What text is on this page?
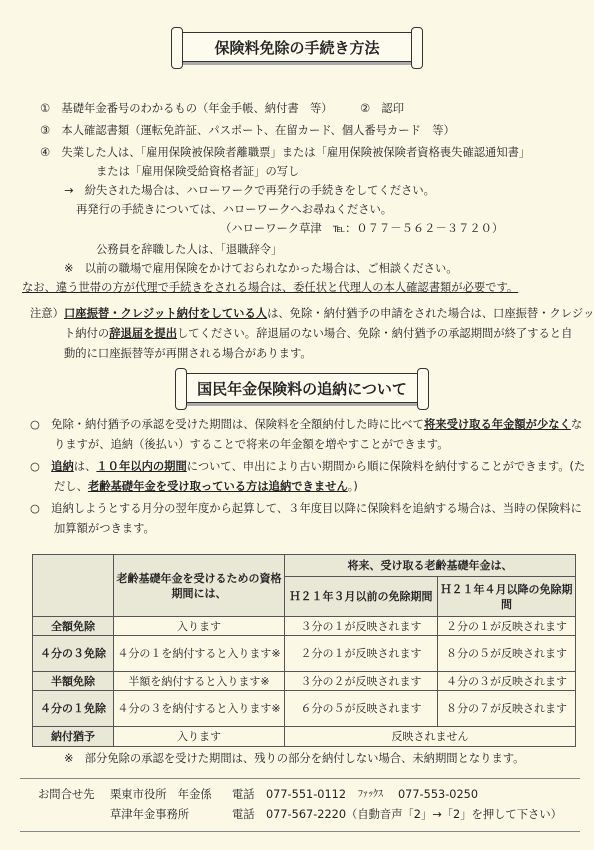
保険料免除の手続き方法
①　基礎年金番号のわかるもの（年金手帳、納付書　等） ②　認印
③　本人確認書類（運転免許証、パスポート、在留カード、個人番号カード　等）
④　失業した人は、「雇用保険被保険者離職票」または「雇用保険被保険者資格喪失確認通知書」
または「雇用保険受給資格者証」の写し
→　紛失された場合は、ハローワークで再発行の手続きをしてください。
再発行の手続きについては、ハローワークへお尋ねください。
（ハローワーク草津　℡：０７７－５６２－３７２０）
公務員を辞職した人は、「退職辞令」
※　以前の職場で雇用保険をかけておられなかった場合は、ご相談ください。
なお、違う世帯の方が代理で手続きをされる場合は、委任状と代理人の本人確認書類が必要です。
注意） 口座振替・クレジット納付をしている人は、免除・納付猶予の申請をされた場合は、口座振替・クレジッ
ト納付の辞退届を提出してください。辞退届のない場合、免除・納付猶予の承認期間が終了すると自
動的に口座振替等が再開される場合があります。
国民年金保険料の追納について
○　免除・納付猶予の承認を受けた期間は、保険料を全額納付した時に比べて将来受け取る年金額が少なくな
りますが、追納（後払い）することで将来の年金額を増やすことができます。
○　追納は、１０年以内の期間について、申出により古い期間から順に保険料を納付することができます。(た
だし、老齢基礎年金を受け取っている方は追納できません。)
○　追納しようとする月分の翌年度から起算して、３年度目以降に保険料を追納する場合は、当時の保険料に
加算額がつきます。
	老齢基礎年金を受けるための資格期間には、	将来、受け取る老齢基礎年金は、	
		Ｈ２１年３月以前の免除期間	Ｈ２１年４月以降の免除期間
全額免除	入ります	３分の１が反映されます	２分の１が反映されます
４分の３免除	４分の１を納付すると入ります※	２分の１が反映されます	８分の５が反映されます
半額免除	半額を納付すると入ります※	３分の２が反映されます	４分の３が反映されます
４分の１免除	４分の３を納付すると入ります※	６分の５が反映されます	８分の７が反映されます
納付猶予	入ります	反映されません	
※　部分免除の承認を受けた期間は、残りの部分を納付しない場合、未納期間となります。
お問合せ先 栗東市役所　年金係 電話 077-551-0112 ﾌｧｯｸｽ 077-553-0250
草津年金事務所	電話 077-567-2220（自動音声「2」→「2」を押して下さい）
